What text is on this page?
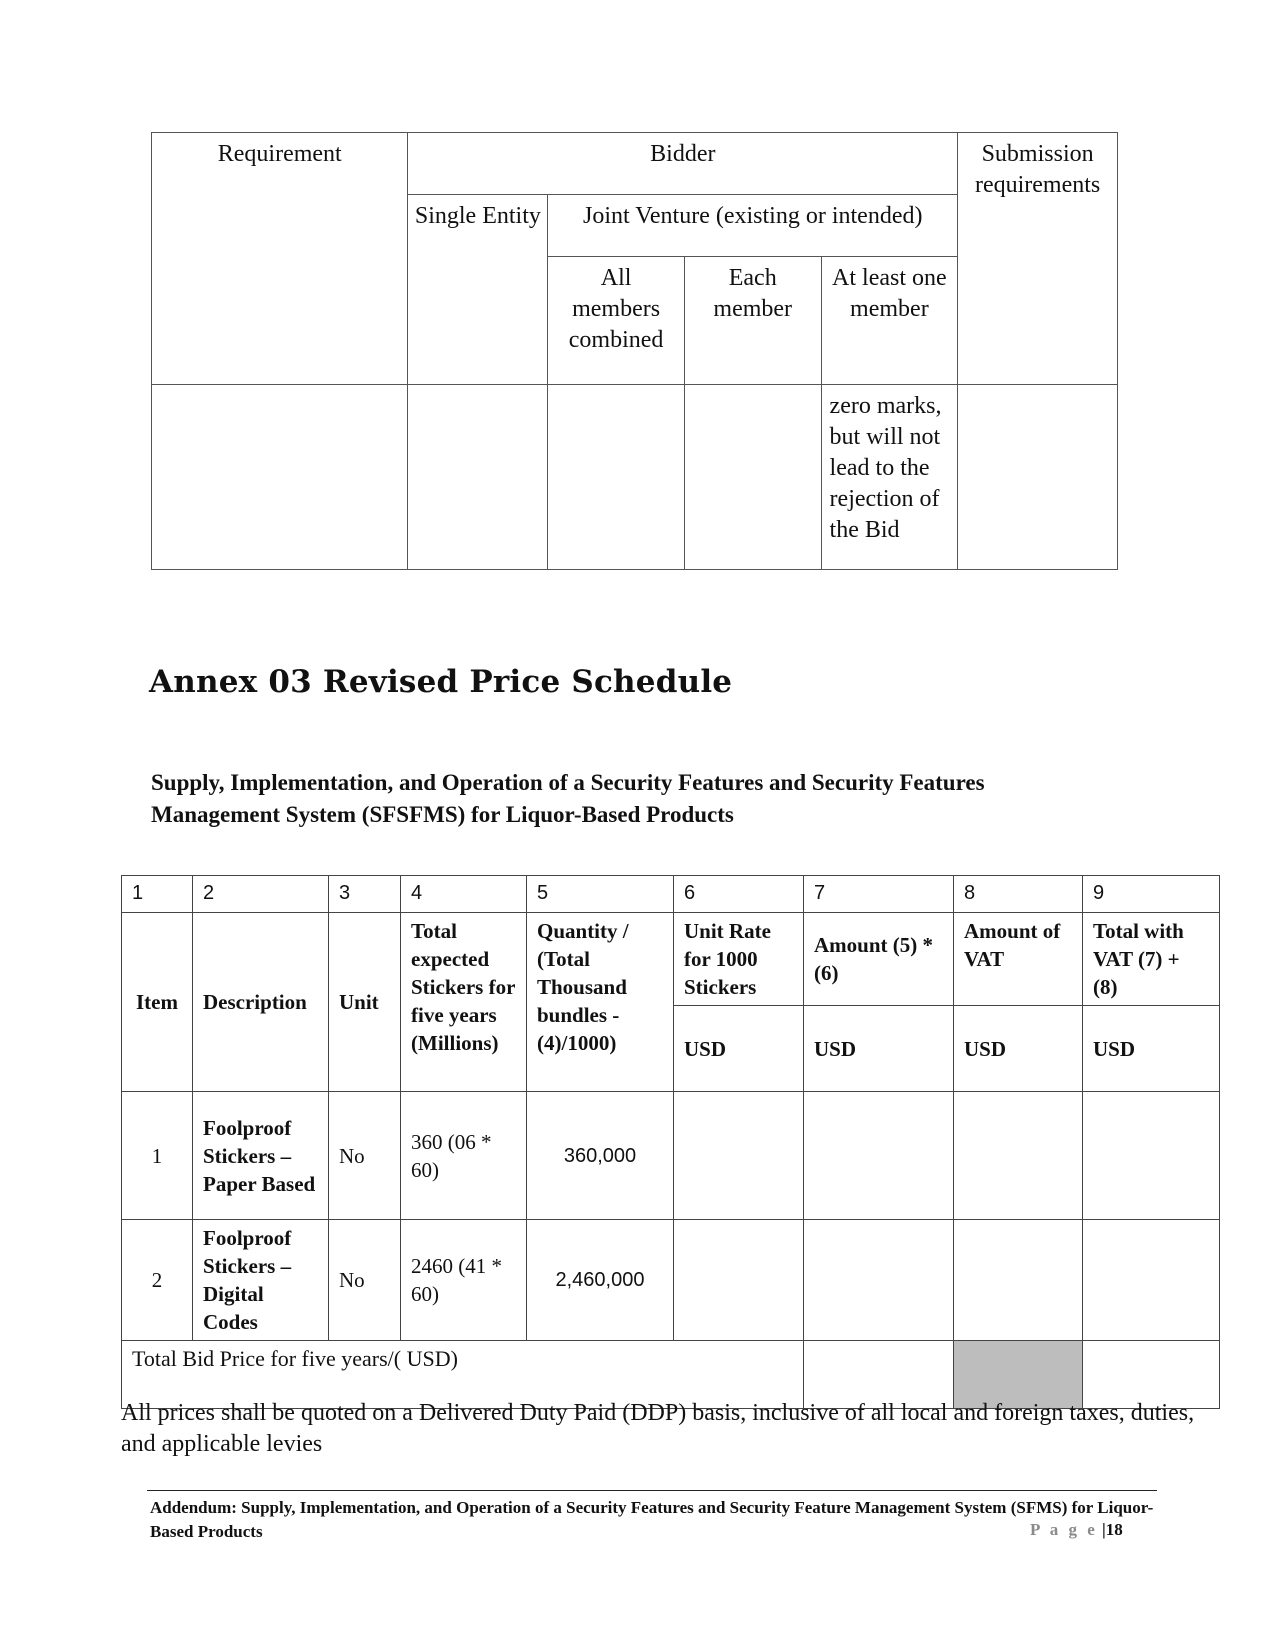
Requirement	Bidder				Submission requirements
	Single Entity	Joint Venture (existing or intended)			
		All members combined	Each member	At least one member	
				zero marks, but will not lead to the rejection of the Bid	
Annex 03 Revised Price Schedule
Supply, Implementation, and Operation of a Security Features and Security Features Management System (SFSFMS) for Liquor-Based Products
1	2	3	4	5	6	7	8	9
Item	Description	Unit	Total expected Stickers for five years (Millions)	Quantity / (Total Thousand bundles - (4)/1000)	Unit Rate for 1000 Stickers	Amount (5) *(6)	Amount of VAT	Total with VAT (7) + (8)
					USD	USD	USD	USD
1	Foolproof Stickers – Paper Based	No	360 (06 * 60)	360,000				
2	Foolproof Stickers – Digital Codes	No	2460 (41 * 60)	2,460,000				
Total Bid Price for five years/( USD)								
All prices shall be quoted on a Delivered Duty Paid (DDP) basis, inclusive of all local and foreign taxes, duties, and applicable levies
Addendum: Supply, Implementation, and Operation of a Security Features and Security Feature Management System (SFMS) for Liquor-Based Products	P a g e |18
